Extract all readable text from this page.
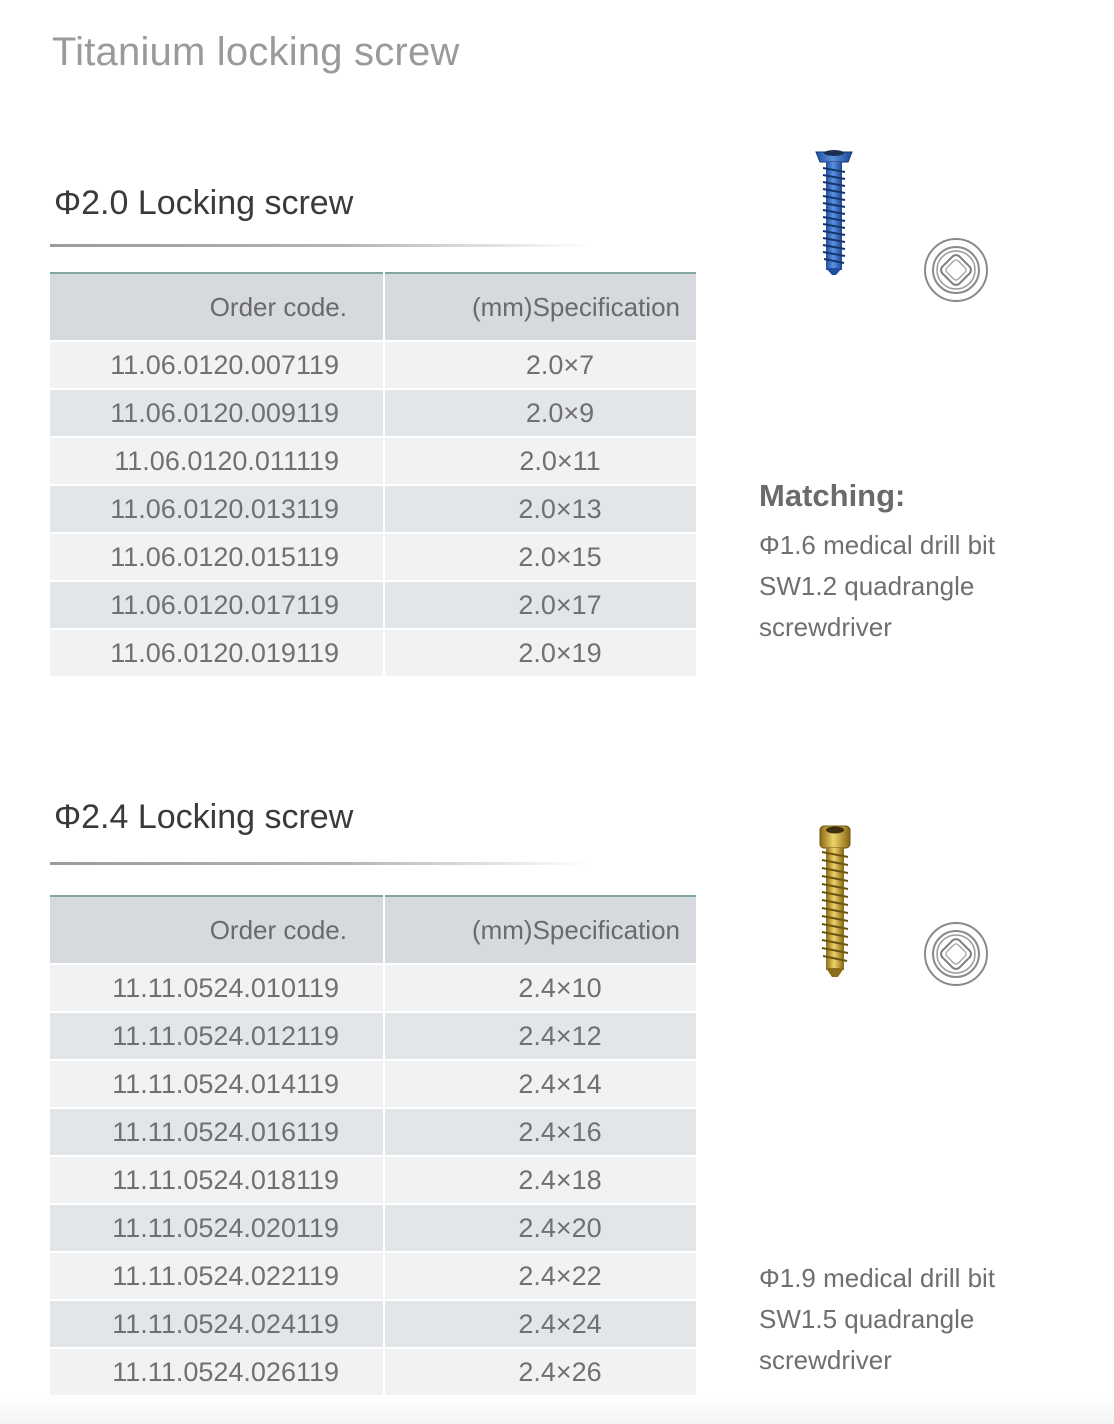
Titanium locking screw
Φ2.0 Locking screw
Order code.	(mm)Specification
11.06.0120.007119	2.0×7
11.06.0120.009119	2.0×9
11.06.0120.011119	2.0×11
11.06.0120.013119	2.0×13
11.06.0120.015119	2.0×15
11.06.0120.017119	2.0×17
11.06.0120.019119	2.0×19
Matching:
Φ1.6 medical drill bit
SW1.2 quadrangle
screwdriver
Φ2.4 Locking screw
Order code.	(mm)Specification
11.11.0524.010119	2.4×10
11.11.0524.012119	2.4×12
11.11.0524.014119	2.4×14
11.11.0524.016119	2.4×16
11.11.0524.018119	2.4×18
11.11.0524.020119	2.4×20
11.11.0524.022119	2.4×22
11.11.0524.024119	2.4×24
11.11.0524.026119	2.4×26
Φ1.9 medical drill bit
SW1.5 quadrangle
screwdriver
